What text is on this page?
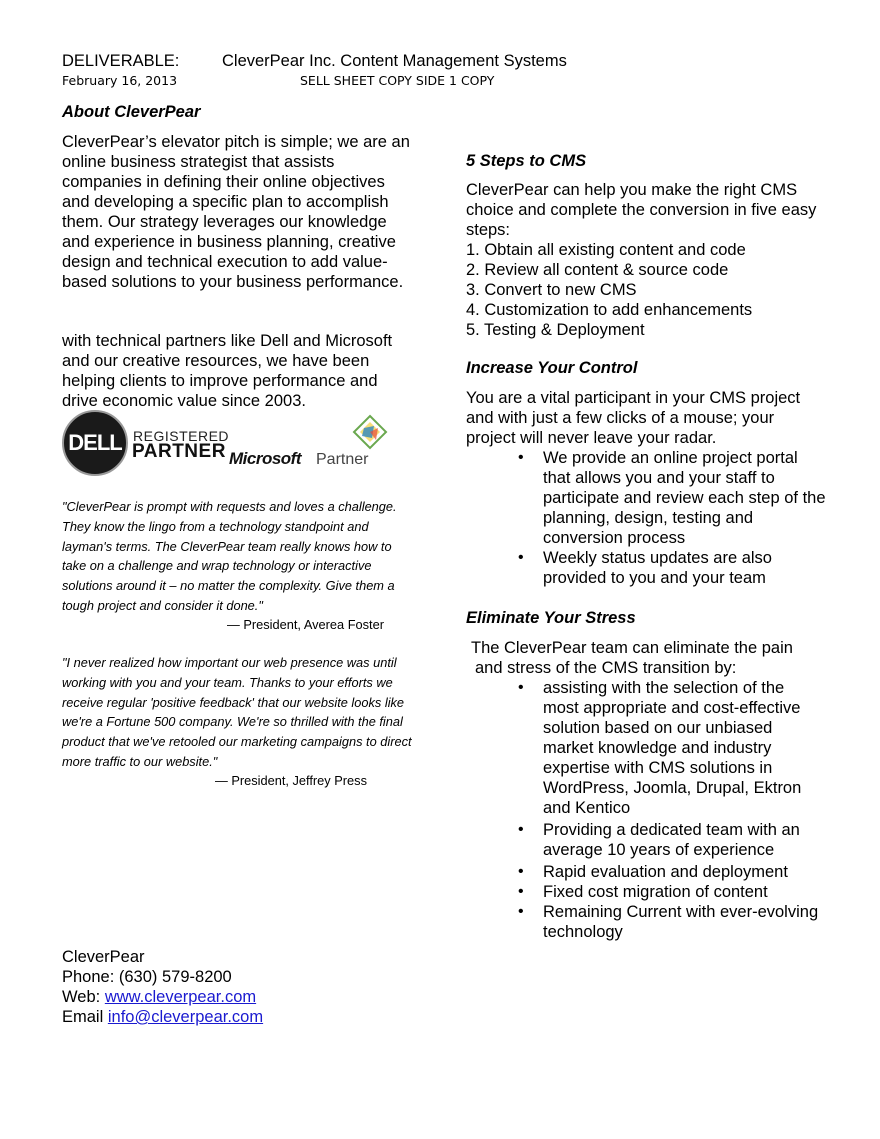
DELIVERABLE:	CleverPear Inc. Content Management Systems
February 16, 2013	SELL SHEET COPY SIDE 1 COPY
About CleverPear

CleverPear’s elevator pitch is simple; we are an online business strategist that assists companies in defining their online objectives and developing a specific plan to accomplish them. Our strategy leverages our knowledge and experience in business planning, creative design and technical execution to add value-based solutions to your business performance.

with technical partners like Dell and Microsoft and our creative resources, we have been helping clients to improve performance and drive economic value since 2003.

DELL REGISTERED
PARTNER Microsoft Partner

"CleverPear is prompt with requests and loves a challenge. They know the lingo from a technology standpoint and layman's terms. The CleverPear team really knows how to take on a challenge and wrap technology or interactive solutions around it – no matter the complexity. Give them a tough project and consider it done."

— President, Averea Foster

"I never realized how important our web presence was until working with you and your team. Thanks to your efforts we receive regular 'positive feedback' that our website looks like we're a Fortune 500 company. We're so thrilled with the final product that we've retooled our marketing campaigns to direct more traffic to our website."

— President, Jeffrey Press
CleverPear
Phone: (630) 579-8200
Web: www.cleverpear.com
Email info@cleverpear.com
5 Steps to CMS

CleverPear can help you make the right CMS choice and complete the conversion in five easy steps:

1. Obtain all existing content and code
2. Review all content & source code
3. Convert to new CMS
4. Customization to add enhancements
5. Testing & Deployment
Increase Your Control

You are a vital participant in your CMS project and with just a few clicks of a mouse; your project will never leave your radar.

• We provide an online project portal that allows you and your staff to participate and review each step of the planning, design, testing and conversion process
• Weekly status updates are also provided to you and your team
Eliminate Your Stress
The CleverPear team can eliminate the pain
and stress of the CMS transition by:
• assisting with the selection of the most appropriate and cost-effective solution based on our unbiased market knowledge and industry expertise with CMS solutions in WordPress, Joomla, Drupal, Ektron and Kentico
• Providing a dedicated team with an average 10 years of experience
• Rapid evaluation and deployment
• Fixed cost migration of content
• Remaining Current with ever-evolving technology
